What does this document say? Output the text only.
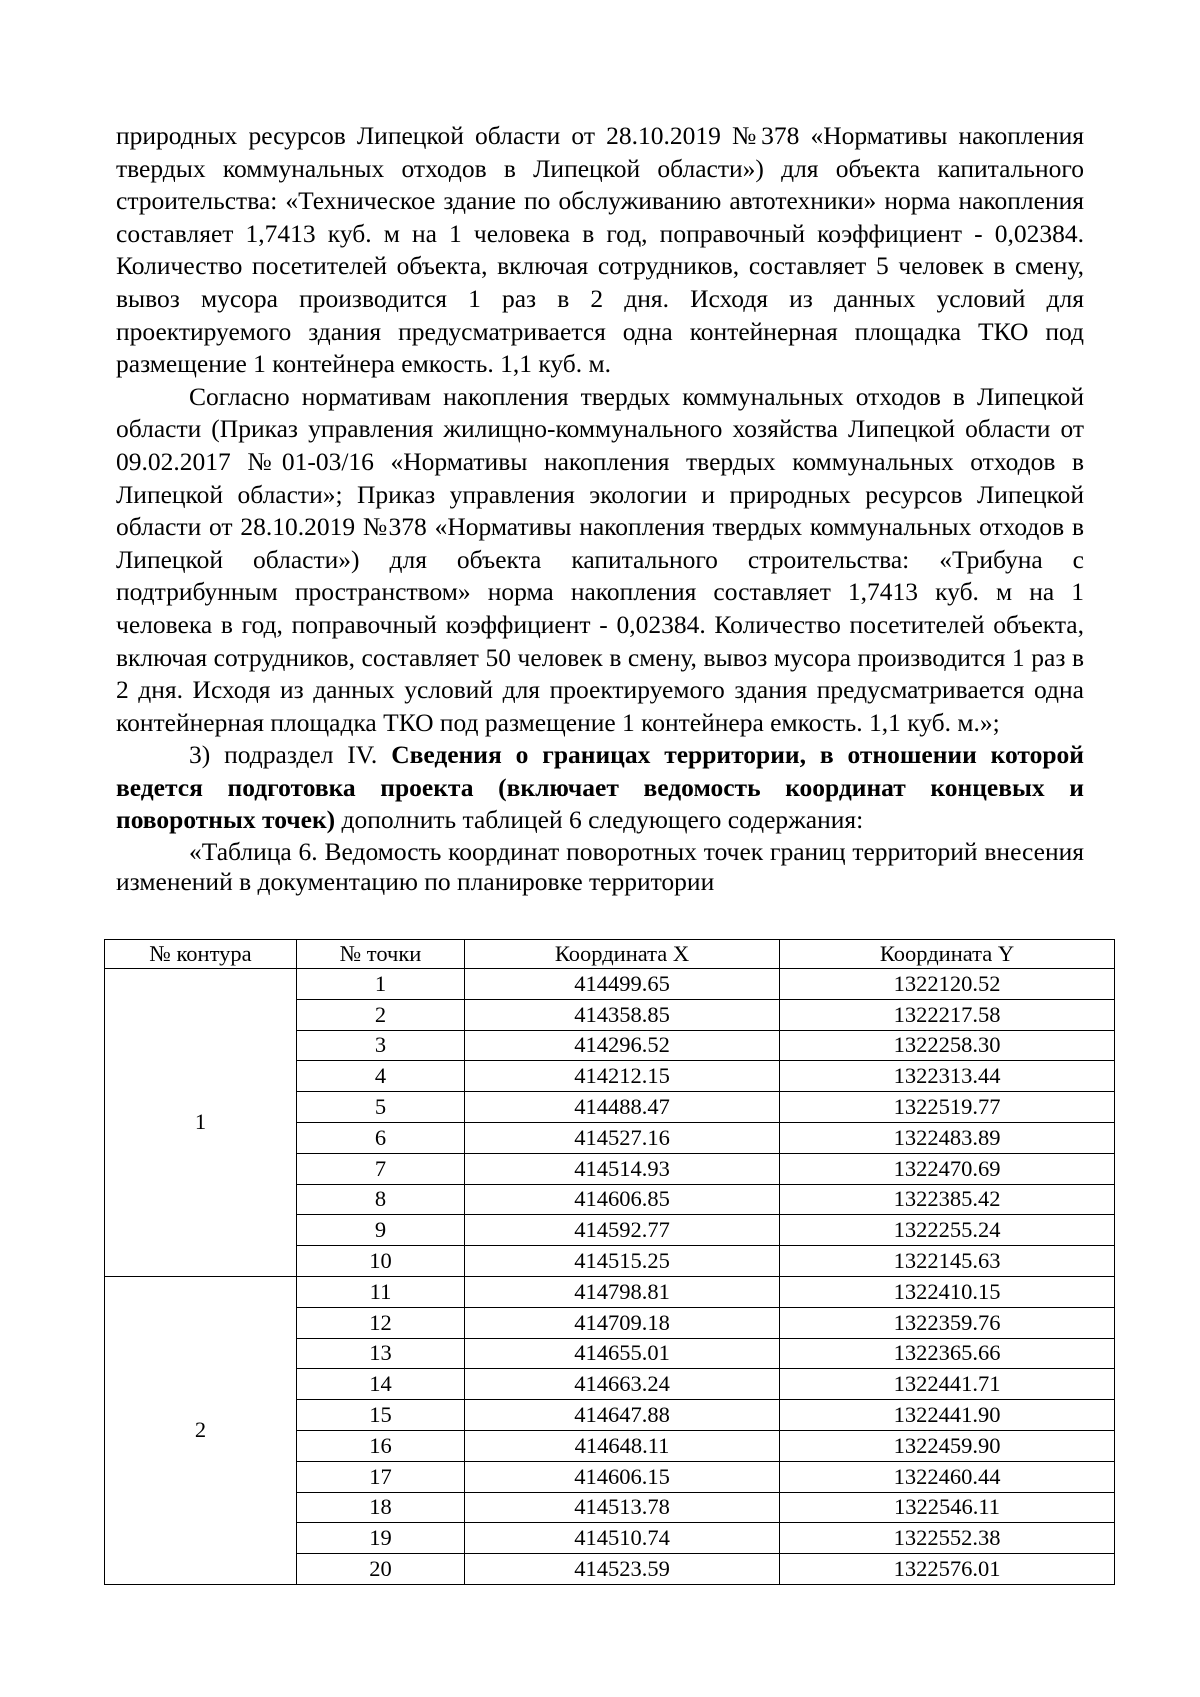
природных ресурсов Липецкой области от 28.10.2019 №378 «Нормативы накопления твердых коммунальных отходов в Липецкой области») для объекта капитального строительства: «Техническое здание по обслуживанию автотехники» норма накопления составляет 1,7413 куб. м на 1 человека в год, поправочный коэффициент - 0,02384. Количество посетителей объекта, включая сотрудников, составляет 5 человек в смену, вывоз мусора производится 1 раз в 2 дня. Исходя из данных условий для проектируемого здания предусматривается одна контейнерная площадка ТКО под размещение 1 контейнера емкость. 1,1 куб. м.

Согласно нормативам накопления твердых коммунальных отходов в Липецкой области (Приказ управления жилищно-коммунального хозяйства Липецкой области от 09.02.2017 №01-03/16 «Нормативы накопления твердых коммунальных отходов в Липецкой области»; Приказ управления экологии и природных ресурсов Липецкой области от 28.10.2019 №378 «Нормативы накопления твердых коммунальных отходов в Липецкой области») для объекта капитального строительства: «Трибуна с подтрибунным пространством» норма накопления составляет 1,7413 куб. м на 1 человека в год, поправочный коэффициент - 0,02384. Количество посетителей объекта, включая сотрудников, составляет 50 человек в смену, вывоз мусора производится 1 раз в 2 дня. Исходя из данных условий для проектируемого здания предусматривается одна контейнерная площадка ТКО под размещение 1 контейнера емкость. 1,1 куб. м.»;

3) подраздел IV. Сведения о границах территории, в отношении которой ведется подготовка проекта (включает ведомость координат концевых и поворотных точек) дополнить таблицей 6 следующего содержания:

«Таблица 6. Ведомость координат поворотных точек границ территорий внесения изменений в документацию по планировке территории

№ контура	№ точки	Координата X	Координата Y
1	1	414499.65	1322120.52
	2	414358.85	1322217.58
	3	414296.52	1322258.30
	4	414212.15	1322313.44
	5	414488.47	1322519.77
	6	414527.16	1322483.89
	7	414514.93	1322470.69
	8	414606.85	1322385.42
	9	414592.77	1322255.24
	10	414515.25	1322145.63
2	11	414798.81	1322410.15
	12	414709.18	1322359.76
	13	414655.01	1322365.66
	14	414663.24	1322441.71
	15	414647.88	1322441.90
	16	414648.11	1322459.90
	17	414606.15	1322460.44
	18	414513.78	1322546.11
	19	414510.74	1322552.38
	20	414523.59	1322576.01
